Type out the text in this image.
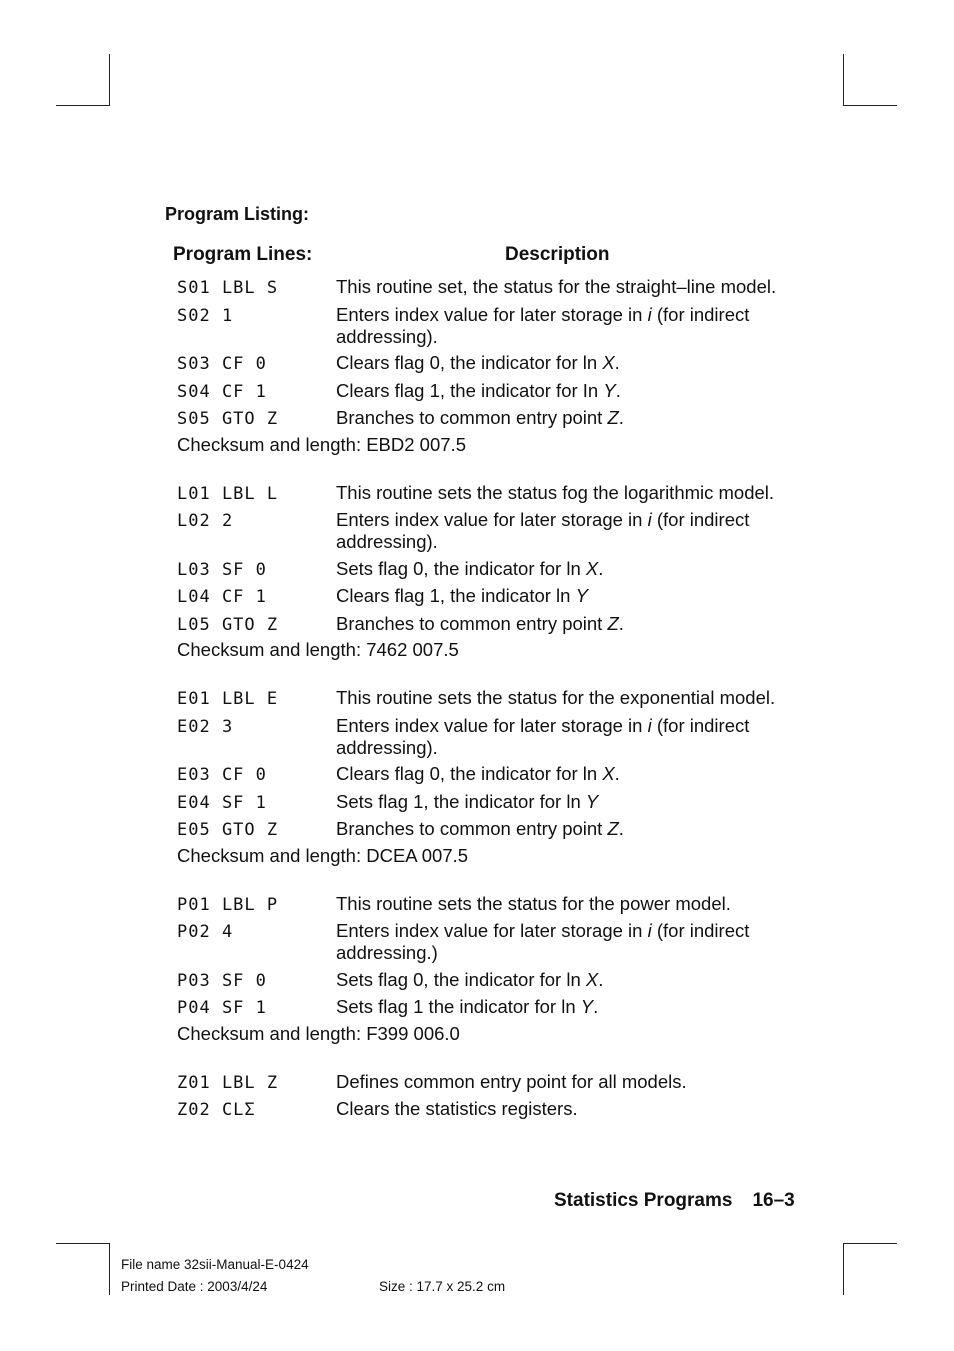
Program Listing:
Program Lines:	Description
S01 LBL S	This routine set, the status for the straight–line model.
S02 1	Enters index value for later storage in i (for indirect addressing).
S03 CF 0	Clears flag 0, the indicator for ln X.
S04 CF 1	Clears flag 1, the indicator for In Y.
S05 GTO Z	Branches to common entry point Z.
Checksum and length: EBD2 007.5
L01 LBL L	This routine sets the status fog the logarithmic model.
L02 2	Enters index value for later storage in i (for indirect addressing).
L03 SF 0	Sets flag 0, the indicator for ln X.
L04 CF 1	Clears flag 1, the indicator ln Y
L05 GTO Z	Branches to common entry point Z.
Checksum and length: 7462 007.5
E01 LBL E	This routine sets the status for the exponential model.
E02 3	Enters index value for later storage in i (for indirect addressing).
E03 CF 0	Clears flag 0, the indicator for ln X.
E04 SF 1	Sets flag 1, the indicator for ln Y
E05 GTO Z	Branches to common entry point Z.
Checksum and length: DCEA 007.5
P01 LBL P	This routine sets the status for the power model.
P02 4	Enters index value for later storage in i (for indirect addressing.)
P03 SF 0	Sets flag 0, the indicator for ln X.
P04 SF 1	Sets flag 1 the indicator for ln Y.
Checksum and length: F399 006.0
Z01 LBL Z	Defines common entry point for all models.
Z02 CLΣ	Clears the statistics registers.
Statistics Programs 16–3
File name 32sii-Manual-E-0424
Printed Date : 2003/4/24	Size : 17.7 x 25.2 cm
